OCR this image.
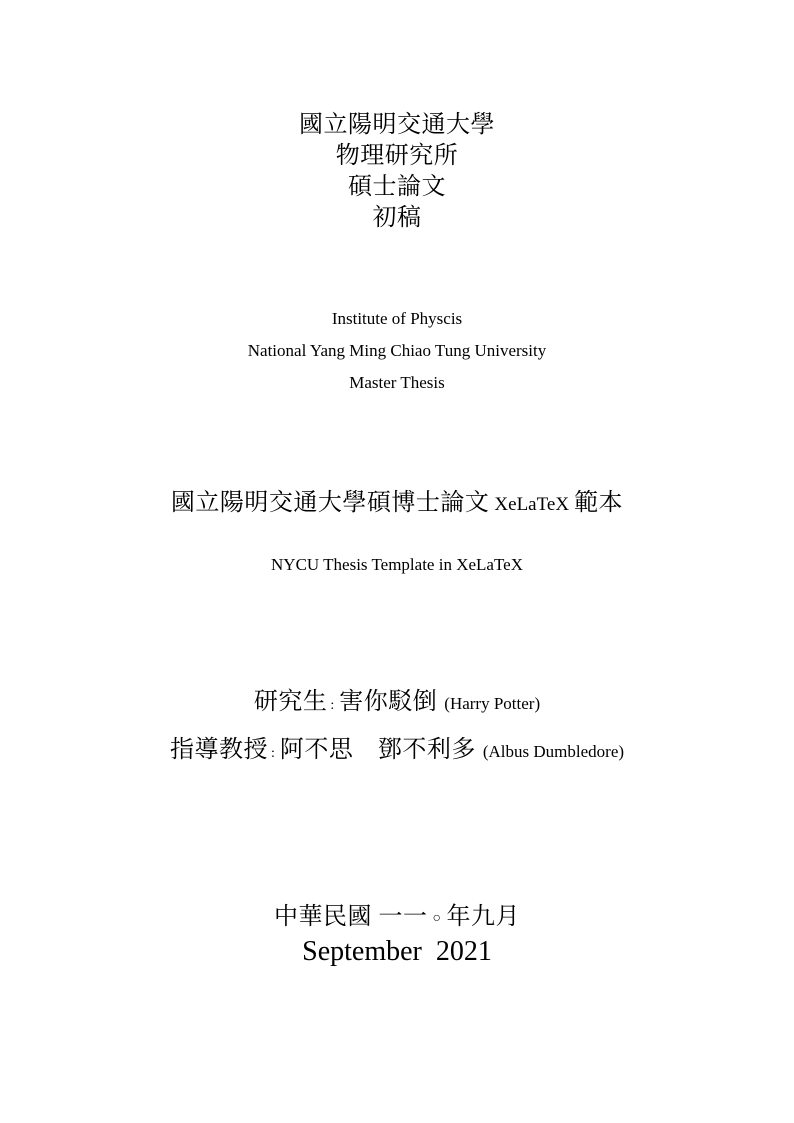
國立陽明交通大學
物理研究所
碩士論文
初稿
Institute of Physcis
National Yang Ming Chiao Tung University
Master Thesis
國立陽明交通大學碩博士論文 XeLaTeX 範本
NYCU Thesis Template in XeLaTeX
研究生 : 害你駁倒 (Harry Potter)
指導教授 : 阿不思　鄧不利多 (Albus Dumbledore)
中華民國 一一 ○ 年九月
September  2021
